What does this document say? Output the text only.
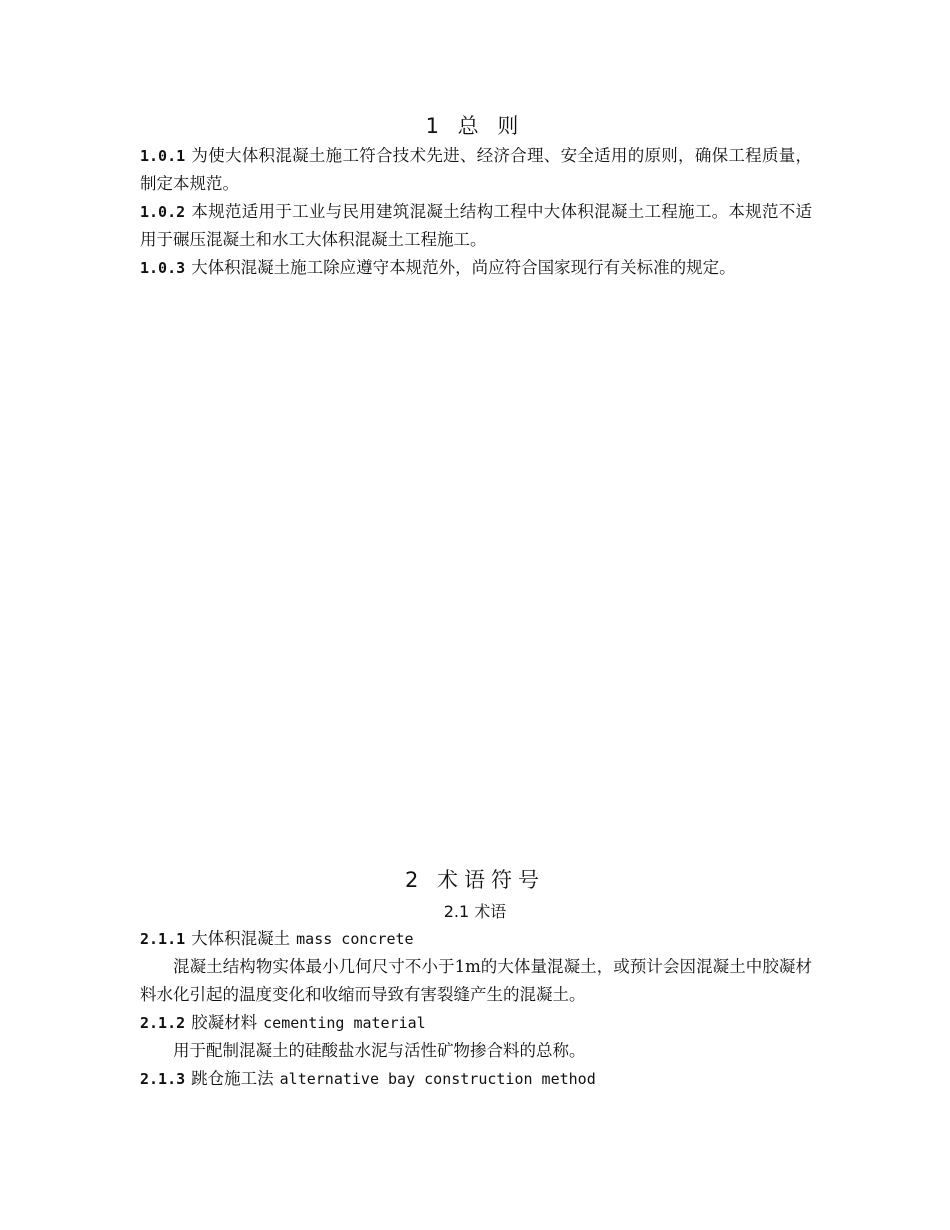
1 总 则
1.0.1 为使大体积混凝土施工符合技术先进、经济合理、安全适用的原则，确保工程质量，制定本规范。
1.0.2 本规范适用于工业与民用建筑混凝土结构工程中大体积混凝土工程施工。本规范不适用于碾压混凝土和水工大体积混凝土工程施工。
1.0.3 大体积混凝土施工除应遵守本规范外，尚应符合国家现行有关标准的规定。
2 术语符号
2.1 术语
2.1.1 大体积混凝土 mass concrete
混凝土结构物实体最小几何尺寸不小于1m的大体量混凝土，或预计会因混凝土中胶凝材料水化引起的温度变化和收缩而导致有害裂缝产生的混凝土。
2.1.2 胶凝材料 cementing material
用于配制混凝土的硅酸盐水泥与活性矿物掺合料的总称。
2.1.3 跳仓施工法 alternative bay construction method
